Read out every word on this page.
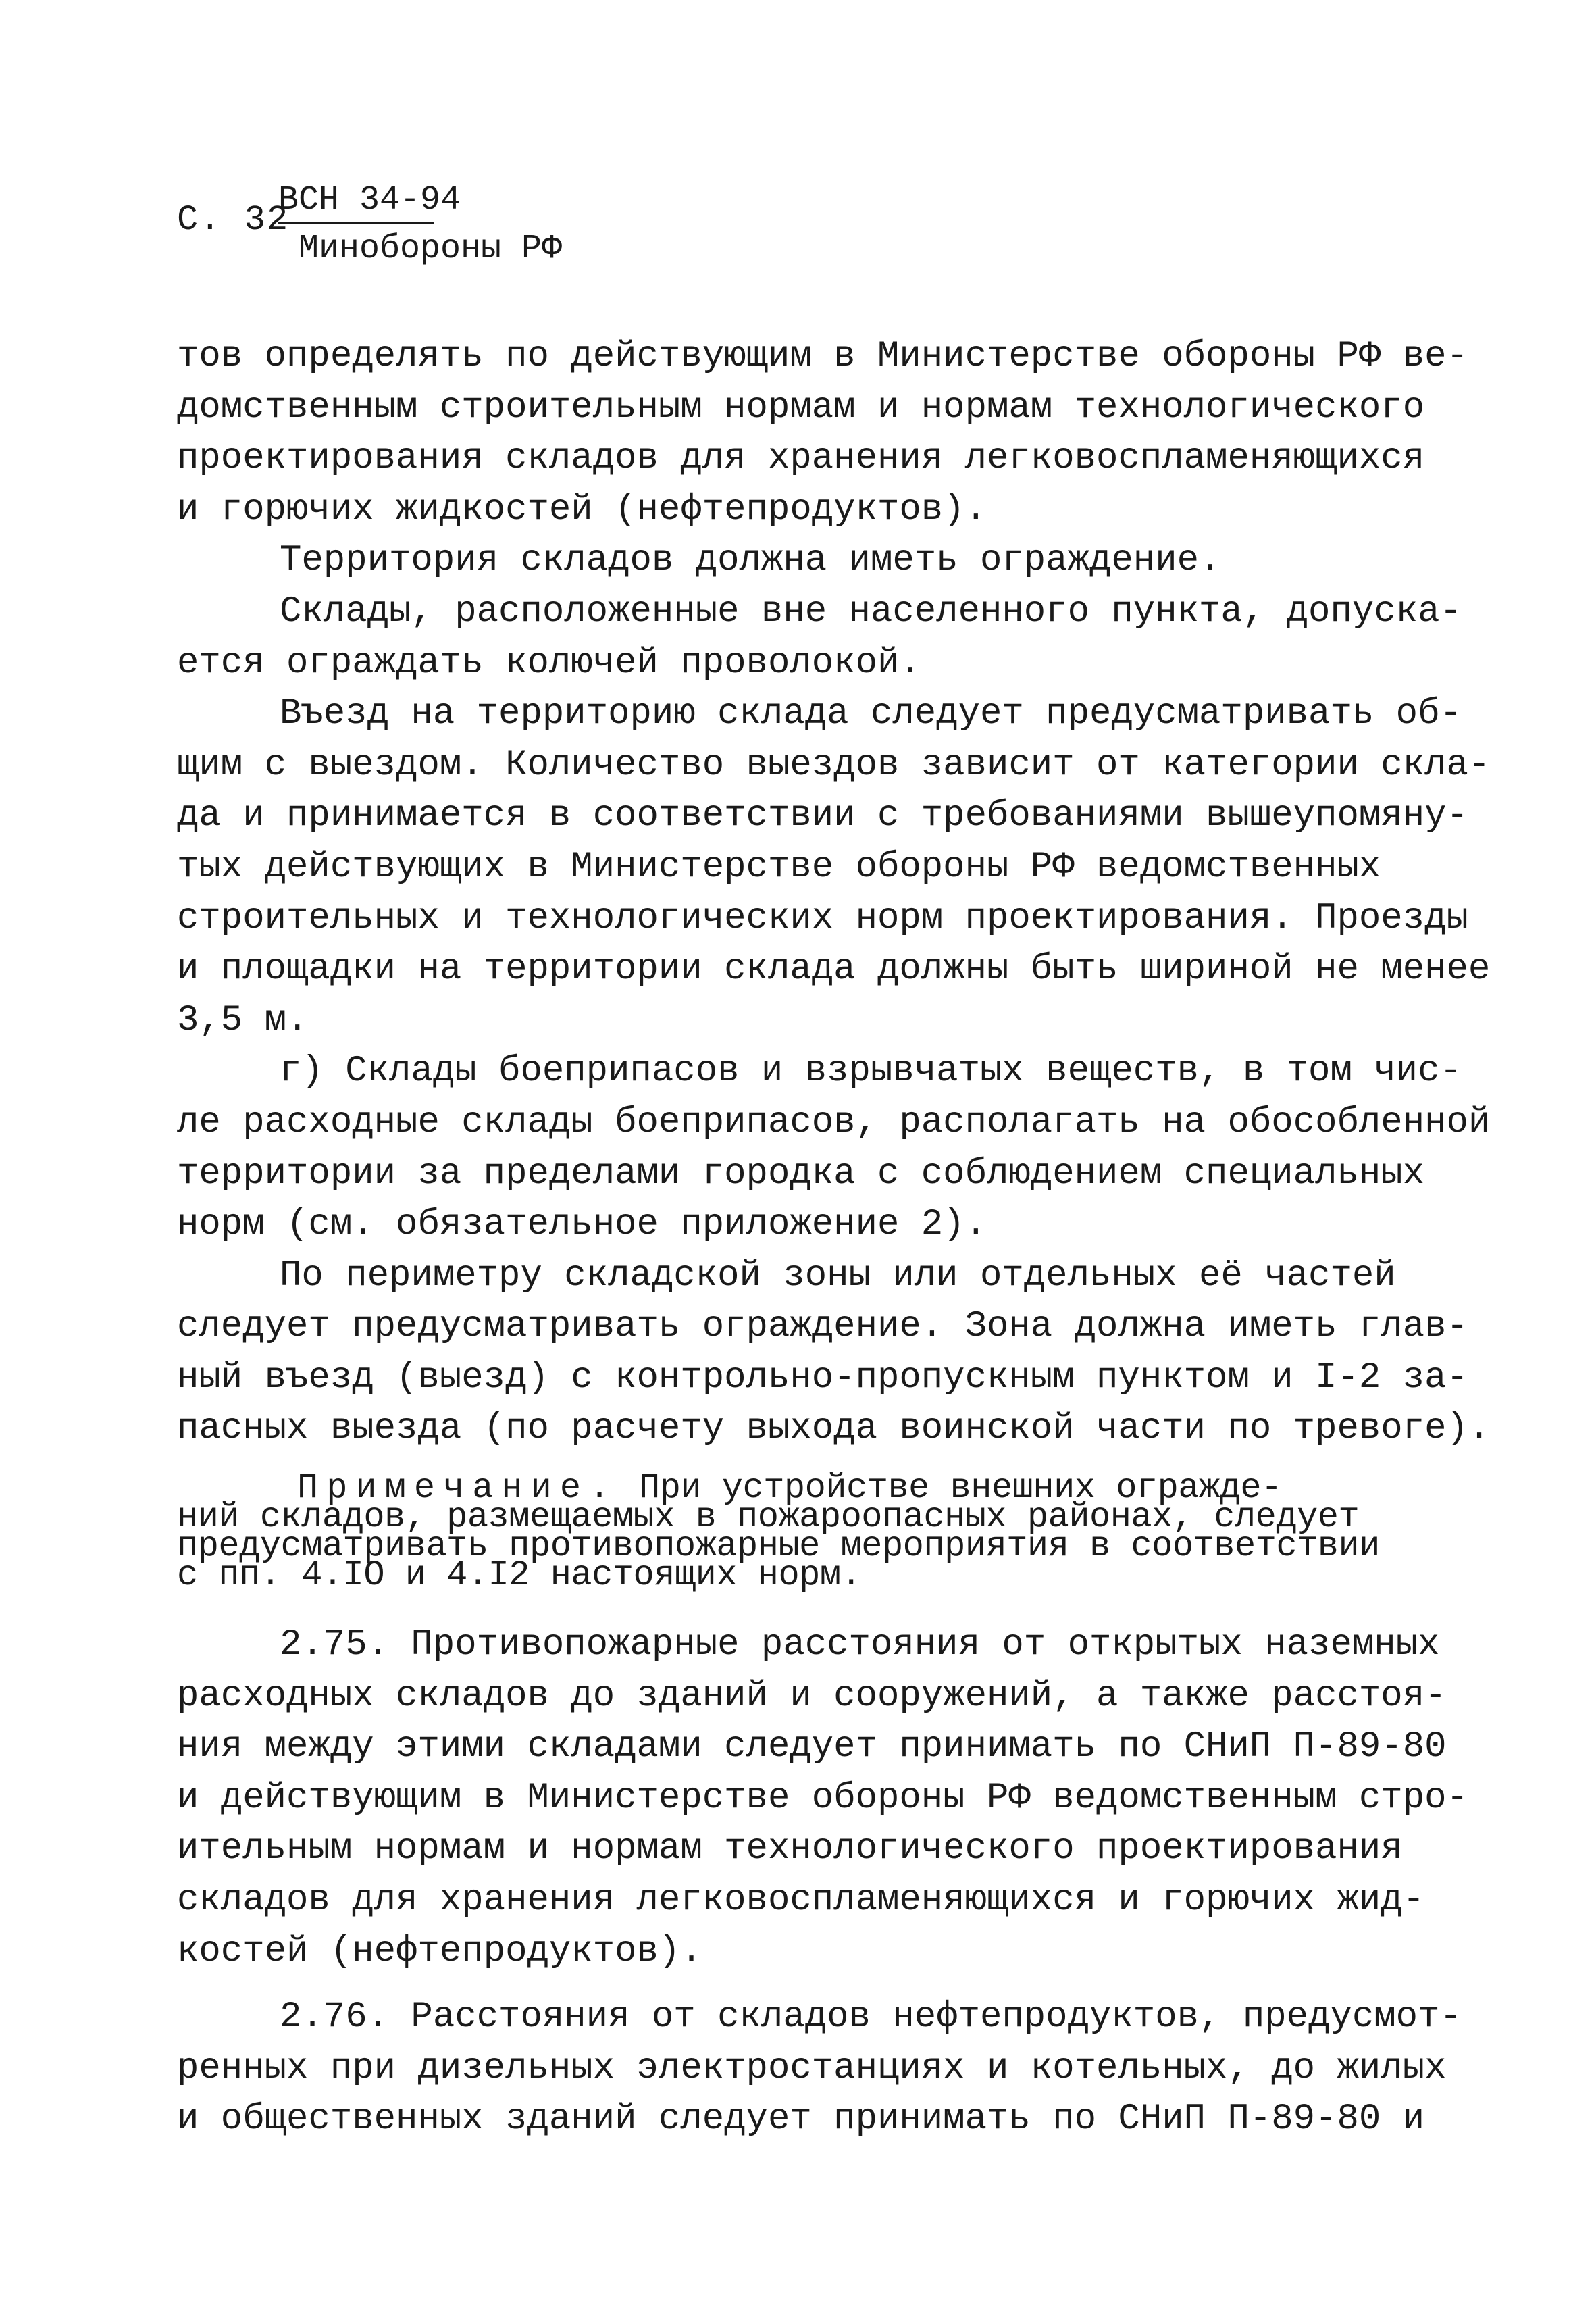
С. 32
ВСН 34-94
Минобороны РФ
тов определять по действующим в Министерстве обороны РФ ве-
домственным строительным нормам и нормам технологического
проектирования складов для хранения легковоспламеняющихся
и горючих жидкостей (нефтепродуктов).
Территория складов должна иметь ограждение.
Склады, расположенные вне населенного пункта, допуска-
ется ограждать колючей проволокой.
Въезд на территорию склада следует предусматривать об-
щим с выездом. Количество выездов зависит от категории скла-
да и принимается в соответствии с требованиями вышеупомяну-
тых действующих в Министерстве обороны РФ ведомственных
строительных и технологических норм проектирования. Проезды
и площадки на территории склада должны быть шириной не менее
3,5 м.
г) Склады боеприпасов и взрывчатых веществ, в том чис-
ле расходные склады боеприпасов, располагать на обособленной
территории за пределами городка с соблюдением специальных
норм (см. обязательное приложение 2).
По периметру складской зоны или отдельных её частей
следует предусматривать ограждение. Зона должна иметь глав-
ный въезд (выезд) с контрольно-пропускным пунктом и I-2 за-
пасных выезда (по расчету выхода воинской части по тревоге).
Примечание. При устройстве внешних огражде-
ний складов, размещаемых в пожароопасных районах, следует
предусматривать противопожарные мероприятия в соответствии
с пп. 4.IO и 4.I2 настоящих норм.
2.75. Противопожарные расстояния от открытых наземных
расходных складов до зданий и сооружений, а также расстоя-
ния между этими складами следует принимать по СНиП П-89-80
и действующим в Министерстве обороны РФ ведомственным стро-
ительным нормам и нормам технологического проектирования
складов для хранения легковоспламеняющихся и горючих жид-
костей (нефтепродуктов).
2.76. Расстояния от складов нефтепродуктов, предусмот-
ренных при дизельных электростанциях и котельных, до жилых
и общественных зданий следует принимать по СНиП П-89-80 и
